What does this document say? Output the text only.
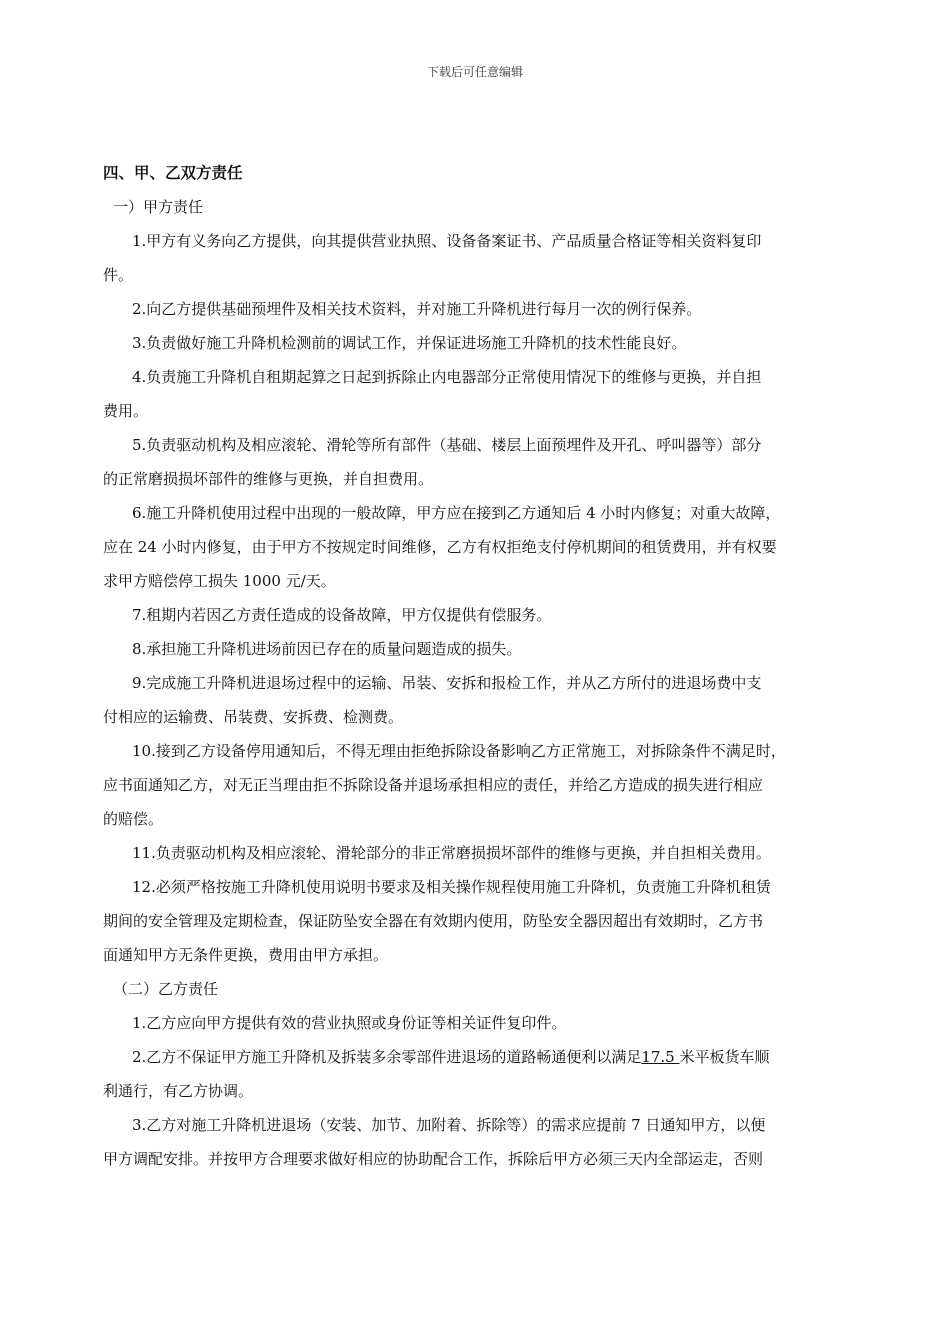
下载后可任意编辑
四、甲、乙双方责任
一）甲方责任
1.甲方有义务向乙方提供，向其提供营业执照、设备备案证书、产品质量合格证等相关资料复印
件。
2.向乙方提供基础预埋件及相关技术资料，并对施工升降机进行每月一次的例行保养。
3.负责做好施工升降机检测前的调试工作，并保证进场施工升降机的技术性能良好。
4.负责施工升降机自租期起算之日起到拆除止内电器部分正常使用情况下的维修与更换，并自担
费用。
5.负责驱动机构及相应滚轮、滑轮等所有部件（基础、楼层上面预埋件及开孔、呼叫器等）部分
的正常磨损损坏部件的维修与更换，并自担费用。
6.施工升降机使用过程中出现的一般故障，甲方应在接到乙方通知后 4 小时内修复；对重大故障，
应在 24 小时内修复，由于甲方不按规定时间维修，乙方有权拒绝支付停机期间的租赁费用，并有权要
求甲方赔偿停工损失 1000 元/天。
7.租期内若因乙方责任造成的设备故障，甲方仅提供有偿服务。
8.承担施工升降机进场前因已存在的质量问题造成的损失。
9.完成施工升降机进退场过程中的运输、吊装、安拆和报检工作，并从乙方所付的进退场费中支
付相应的运输费、吊装费、安拆费、检测费。
10.接到乙方设备停用通知后，不得无理由拒绝拆除设备影响乙方正常施工，对拆除条件不满足时，
应书面通知乙方，对无正当理由拒不拆除设备并退场承担相应的责任，并给乙方造成的损失进行相应
的赔偿。
11.负责驱动机构及相应滚轮、滑轮部分的非正常磨损损坏部件的维修与更换，并自担相关费用。
12.必须严格按施工升降机使用说明书要求及相关操作规程使用施工升降机，负责施工升降机租赁
期间的安全管理及定期检查，保证防坠安全器在有效期内使用，防坠安全器因超出有效期时，乙方书
面通知甲方无条件更换，费用由甲方承担。
（二）乙方责任
1.乙方应向甲方提供有效的营业执照或身份证等相关证件复印件。
2.乙方不保证甲方施工升降机及拆装多余零部件进退场的道路畅通便利以满足17.5 米平板货车顺
利通行，有乙方协调。
3.乙方对施工升降机进退场（安装、加节、加附着、拆除等）的需求应提前 7 日通知甲方，以便
甲方调配安排。并按甲方合理要求做好相应的协助配合工作，拆除后甲方必须三天内全部运走，否则
